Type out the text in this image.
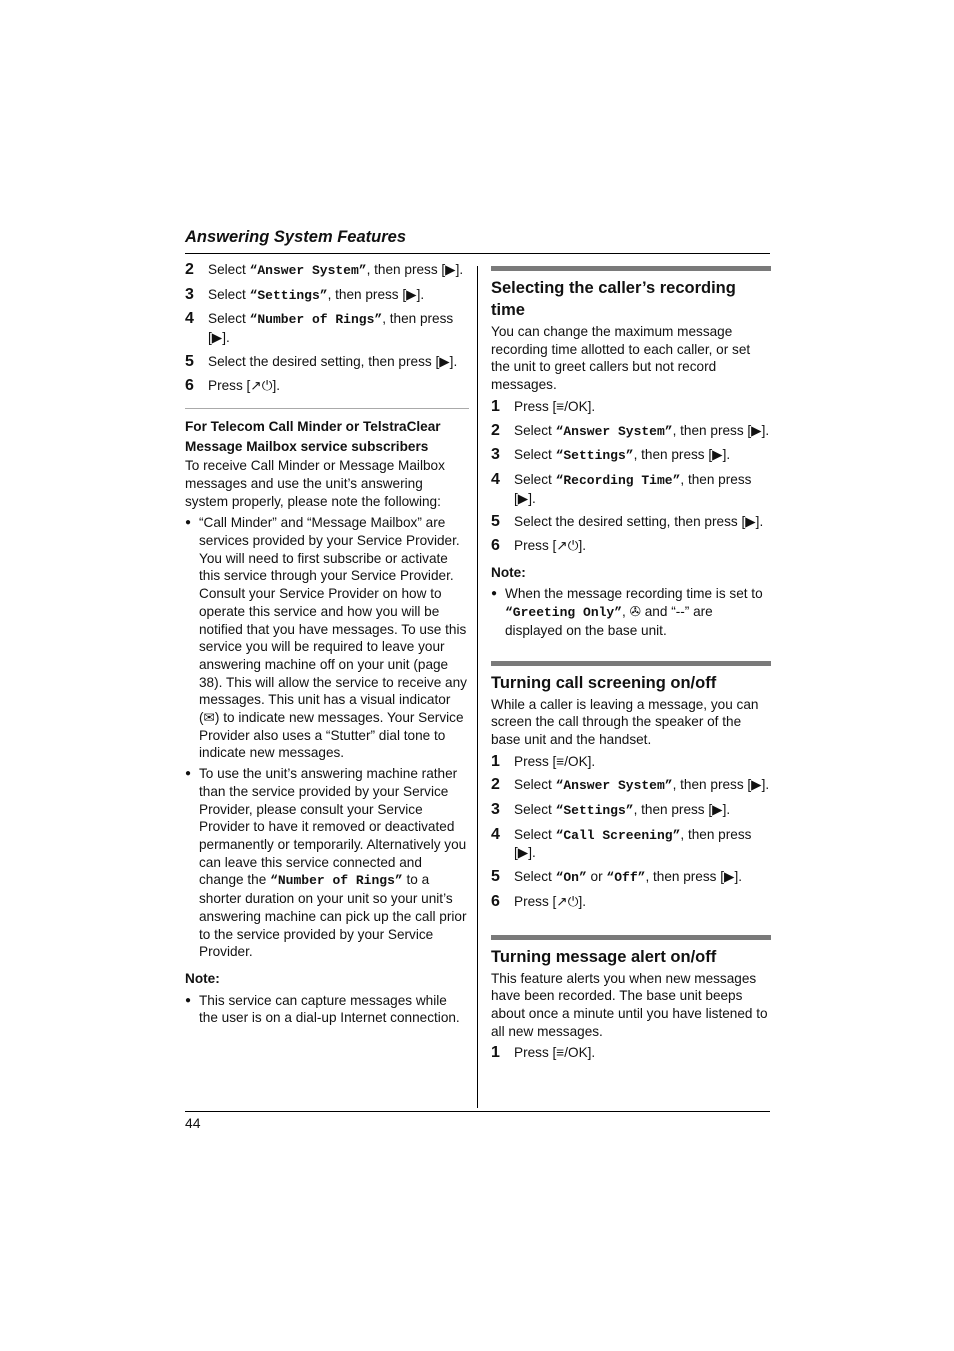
Answering System Features
2	Select “Answer System”, then press [▶].
3	Select “Settings”, then press [▶].
4	Select “Number of Rings”, then press [▶].
5	Select the desired setting, then press [▶].
6	Press [↗⏻].
For Telecom Call Minder or TelstraClear Message Mailbox service subscribers

To receive Call Minder or Message Mailbox messages and use the unit’s answering system properly, please note the following:

● “Call Minder” and “Message Mailbox” are services provided by your Service Provider. You will need to first subscribe or activate this service through your Service Provider. Consult your Service Provider on how to operate this service and how you will be notified that you have messages. To use this service you will be required to leave your answering machine off on your unit (page 38). This will allow the service to receive any messages. This unit has a visual indicator (✉) to indicate new messages. Your Service Provider also uses a “Stutter” dial tone to indicate new messages.
● To use the unit’s answering machine rather than the service provided by your Service Provider, please consult your Service Provider to have it removed or deactivated permanently or temporarily. Alternatively you can leave this service connected and change the “Number of Rings” to a shorter duration on your unit so your unit’s answering machine can pick up the call prior to the service provided by your Service Provider.
Note:
● This service can capture messages while the user is on a dial-up Internet connection.
Selecting the caller’s recording time

You can change the maximum message recording time allotted to each caller, or set the unit to greet callers but not record messages.

1	Press [≡/OK].
2	Select “Answer System”, then press [▶].
3	Select “Settings”, then press [▶].
4	Select “Recording Time”, then press [▶].
5	Select the desired setting, then press [▶].
6	Press [↗⏻].
Note:
● When the message recording time is set to “Greeting Only”, ✇ and “--” are displayed on the base unit.
Turning call screening on/off

While a caller is leaving a message, you can screen the call through the speaker of the base unit and the handset.

1	Press [≡/OK].
2	Select “Answer System”, then press [▶].
3	Select “Settings”, then press [▶].
4	Select “Call Screening”, then press [▶].
5	Select “On” or “Off”, then press [▶].
6	Press [↗⏻].
Turning message alert on/off

This feature alerts you when new messages have been recorded. The base unit beeps about once a minute until you have listened to all new messages.

1	Press [≡/OK].
44
